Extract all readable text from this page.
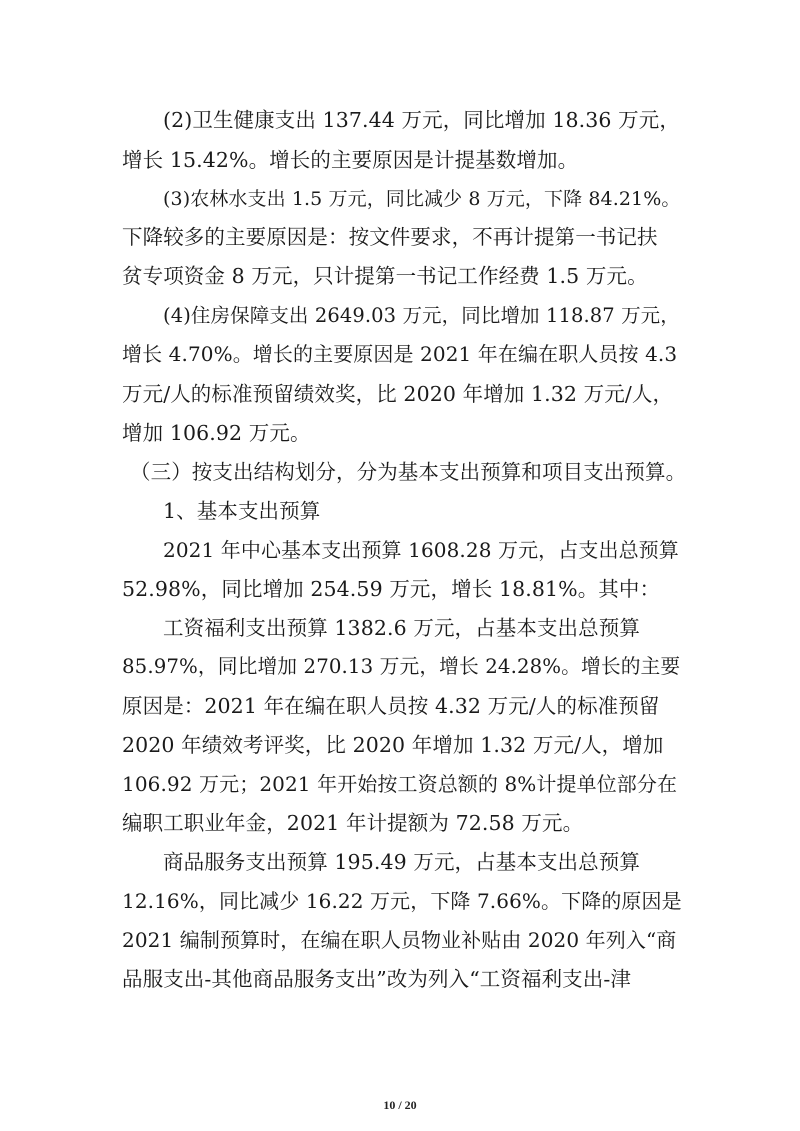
(2)卫生健康支出 137.44 万元，同比增加 18.36 万元，
增长 15.42%。增长的主要原因是计提基数增加。
(3)农林水支出 1.5 万元，同比减少 8 万元，下降 84.21%。
下降较多的主要原因是：按文件要求，不再计提第一书记扶
贫专项资金 8 万元，只计提第一书记工作经费 1.5 万元。
(4)住房保障支出 2649.03 万元，同比增加 118.87 万元，
增长 4.70%。增长的主要原因是 2021 年在编在职人员按 4.3
万元/人的标准预留绩效奖，比 2020 年增加 1.32 万元/人，
增加 106.92 万元。
（三）按支出结构划分，分为基本支出预算和项目支出预算。
1、基本支出预算
2021 年中心基本支出预算 1608.28 万元，占支出总预算
52.98%，同比增加 254.59 万元，增长 18.81%。其中：
工资福利支出预算 1382.6 万元，占基本支出总预算
85.97%，同比增加 270.13 万元，增长 24.28%。增长的主要
原因是：2021 年在编在职人员按 4.32 万元/人的标准预留
2020 年绩效考评奖，比 2020 年增加 1.32 万元/人，增加
106.92 万元；2021 年开始按工资总额的 8%计提单位部分在
编职工职业年金，2021 年计提额为 72.58 万元。
商品服务支出预算 195.49 万元，占基本支出总预算
12.16%，同比减少 16.22 万元，下降 7.66%。下降的原因是
2021 编制预算时，在编在职人员物业补贴由 2020 年列入“商
品服支出-其他商品服务支出”改为列入“工资福利支出-津
10 / 20
